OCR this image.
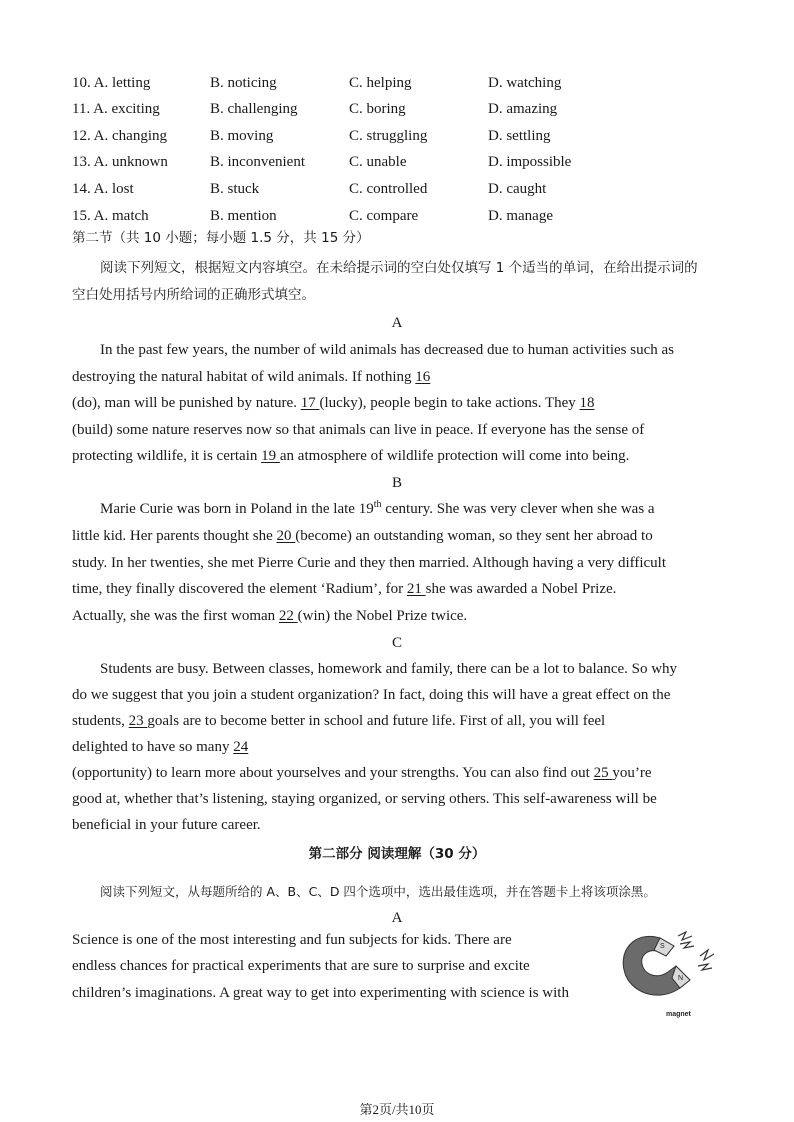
10. A. letting	B. noticing	C. helping	D. watching
11. A. exciting	B. challenging	C. boring	D. amazing
12. A. changing	B. moving	C. struggling	D. settling
13. A. unknown	B. inconvenient	C. unable	D. impossible
14. A. lost	B. stuck	C. controlled	D. caught
15. A. match	B. mention	C. compare	D. manage
第二节（共 10 小题；每小题 1.5 分，共 15 分）
阅读下列短文，根据短文内容填空。在未给提示词的空白处仅填写 1 个适当的单词，在给出提示词的
空白处用括号内所给词的正确形式填空。
A
In the past few years, the number of wild animals has decreased due to human activities such as
destroying the natural habitat of wild animals. If nothing 16
(do), man will be punished by nature. 17 (lucky), people begin to take actions. They 18
(build) some nature reserves now so that animals can live in peace. If everyone has the sense of
protecting wildlife, it is certain 19 an atmosphere of wildlife protection will come into being.
B
Marie Curie was born in Poland in the late 19th century. She was very clever when she was a
little kid. Her parents thought she 20 (become) an outstanding woman, so they sent her abroad to
study. In her twenties, she met Pierre Curie and they then married. Although having a very difficult
time, they finally discovered the element ‘Radium’, for 21 she was awarded a Nobel Prize.
Actually, she was the first woman 22 (win) the Nobel Prize twice.
C
Students are busy. Between classes, homework and family, there can be a lot to balance. So why
do we suggest that you join a student organization? In fact, doing this will have a great effect on the
students, 23 goals are to become better in school and future life. First of all, you will feel
delighted to have so many 24
(opportunity) to learn more about yourselves and your strengths. You can also find out 25 you’re
good at, whether that’s listening, staying organized, or serving others. This self-awareness will be
beneficial in your future career.
第二部分 阅读理解（30 分）
阅读下列短文，从每题所给的 A、B、C、D 四个选项中，选出最佳选项，并在答题卡上将该项涂黑。
A
Science is one of the most interesting and fun subjects for kids. There are
endless chances for practical experiments that are sure to surprise and excite
children’s imaginations. A great way to get into experimenting with science is with
S
N
magnet
第2页/共10页
